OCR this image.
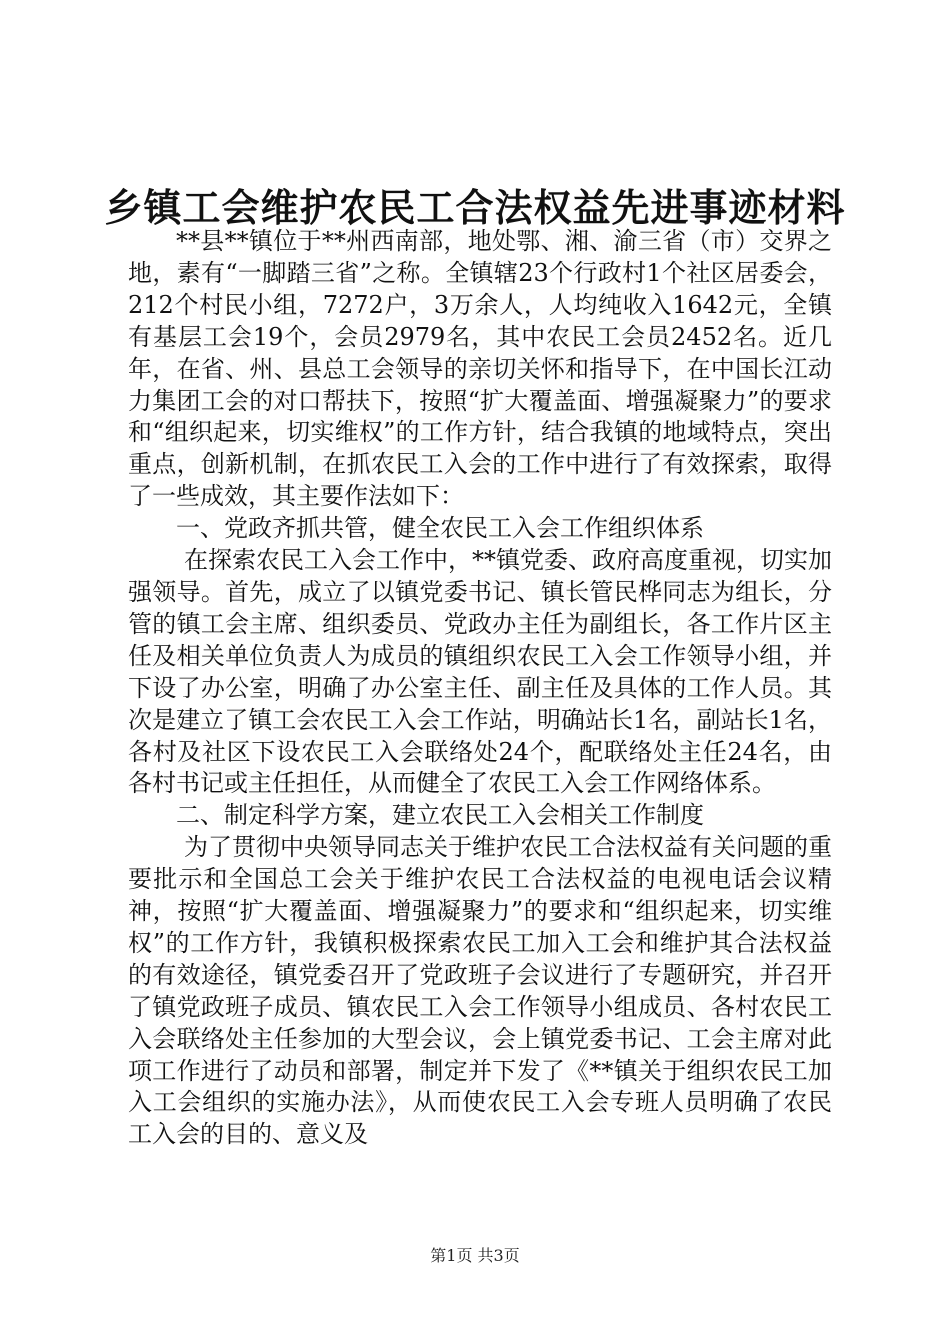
乡镇工会维护农民工合法权益先进事迹材料

**县**镇位于**州西南部，地处鄂、湘、渝三省（市）交界之地，素有“一脚踏三省”之称。全镇辖23个行政村1个社区居委会，212个村民小组，7272户，3万余人，人均纯收入1642元，全镇有基层工会19个，会员2979名，其中农民工会员2452名。近几年，在省、州、县总工会领导的亲切关怀和指导下，在中国长江动力集团工会的对口帮扶下，按照“扩大覆盖面、增强凝聚力”的要求和“组织起来，切实维权”的工作方针，结合我镇的地域特点，突出重点，创新机制，在抓农民工入会的工作中进行了有效探索，取得了一些成效，其主要作法如下：

一、党政齐抓共管，健全农民工入会工作组织体系

在探索农民工入会工作中，**镇党委、政府高度重视，切实加强领导。首先，成立了以镇党委书记、镇长管民桦同志为组长，分管的镇工会主席、组织委员、党政办主任为副组长，各工作片区主任及相关单位负责人为成员的镇组织农民工入会工作领导小组，并下设了办公室，明确了办公室主任、副主任及具体的工作人员。其次是建立了镇工会农民工入会工作站，明确站长1名，副站长1名，各村及社区下设农民工入会联络处24个，配联络处主任24名，由各村书记或主任担任，从而健全了农民工入会工作网络体系。

二、制定科学方案，建立农民工入会相关工作制度

为了贯彻中央领导同志关于维护农民工合法权益有关问题的重要批示和全国总工会关于维护农民工合法权益的电视电话会议精神，按照“扩大覆盖面、增强凝聚力”的要求和“组织起来，切实维权”的工作方针，我镇积极探索农民工加入工会和维护其合法权益的有效途径，镇党委召开了党政班子会议进行了专题研究，并召开了镇党政班子成员、镇农民工入会工作领导小组成员、各村农民工入会联络处主任参加的大型会议，会上镇党委书记、工会主席对此项工作进行了动员和部署，制定并下发了《**镇关于组织农民工加入工会组织的实施办法》，从而使农民工入会专班人员明确了农民工入会的目的、意义及

第1页 共3页
